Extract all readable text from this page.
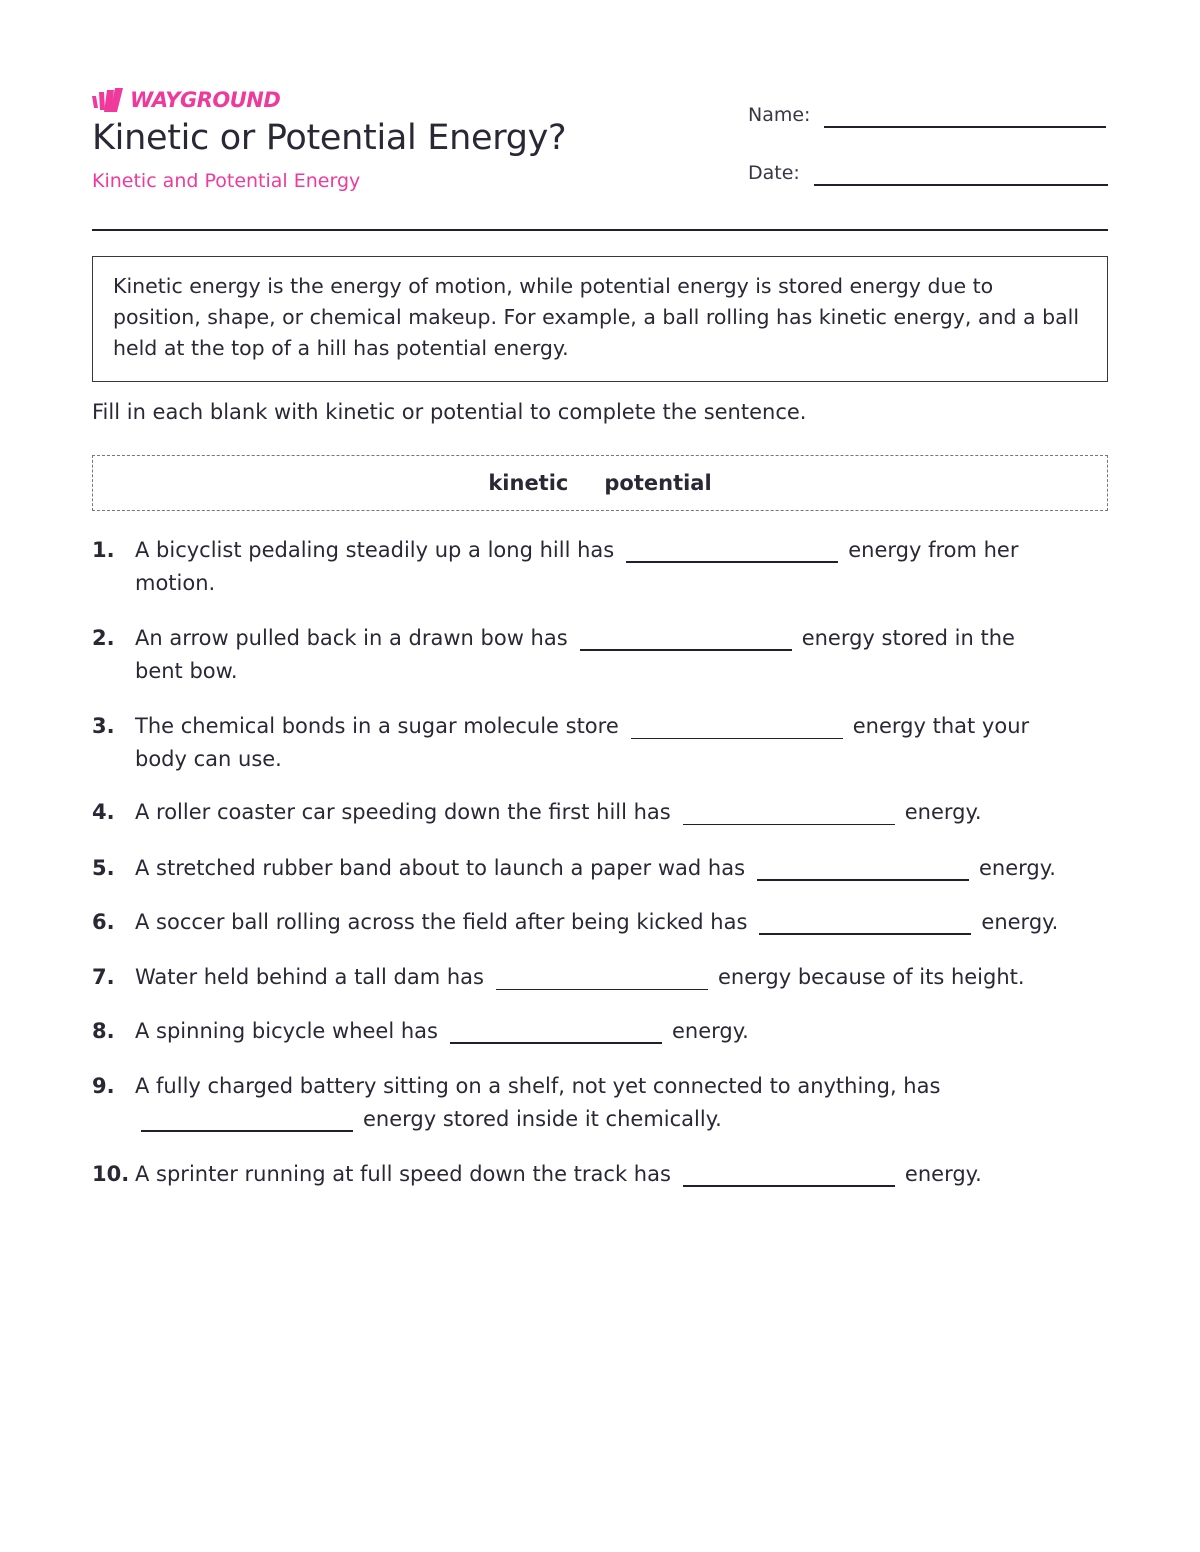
WAYGROUND
Kinetic or Potential Energy?
Kinetic and Potential Energy
Name:
Date:
Kinetic energy is the energy of motion, while potential energy is stored energy due to position, shape, or chemical makeup. For example, a ball rolling has kinetic energy, and a ball held at the top of a hill has potential energy.
Fill in each blank with kinetic or potential to complete the sentence.
kinetic potential
1. A bicyclist pedaling steadily up a long hill has	energy from her
motion.
2. An arrow pulled back in a drawn bow has	energy stored in the
bent bow.
3. The chemical bonds in a sugar molecule store	energy that your
body can use.
4. A roller coaster car speeding down the first hill has	energy.
5. A stretched rubber band about to launch a paper wad has	energy.
6. A soccer ball rolling across the field after being kicked has	energy.
7. Water held behind a tall dam has	energy because of its height.
8. A spinning bicycle wheel has	energy.
9. A fully charged battery sitting on a shelf, not yet connected to anything, has
energy stored inside it chemically.
10. A sprinter running at full speed down the track has	energy.
